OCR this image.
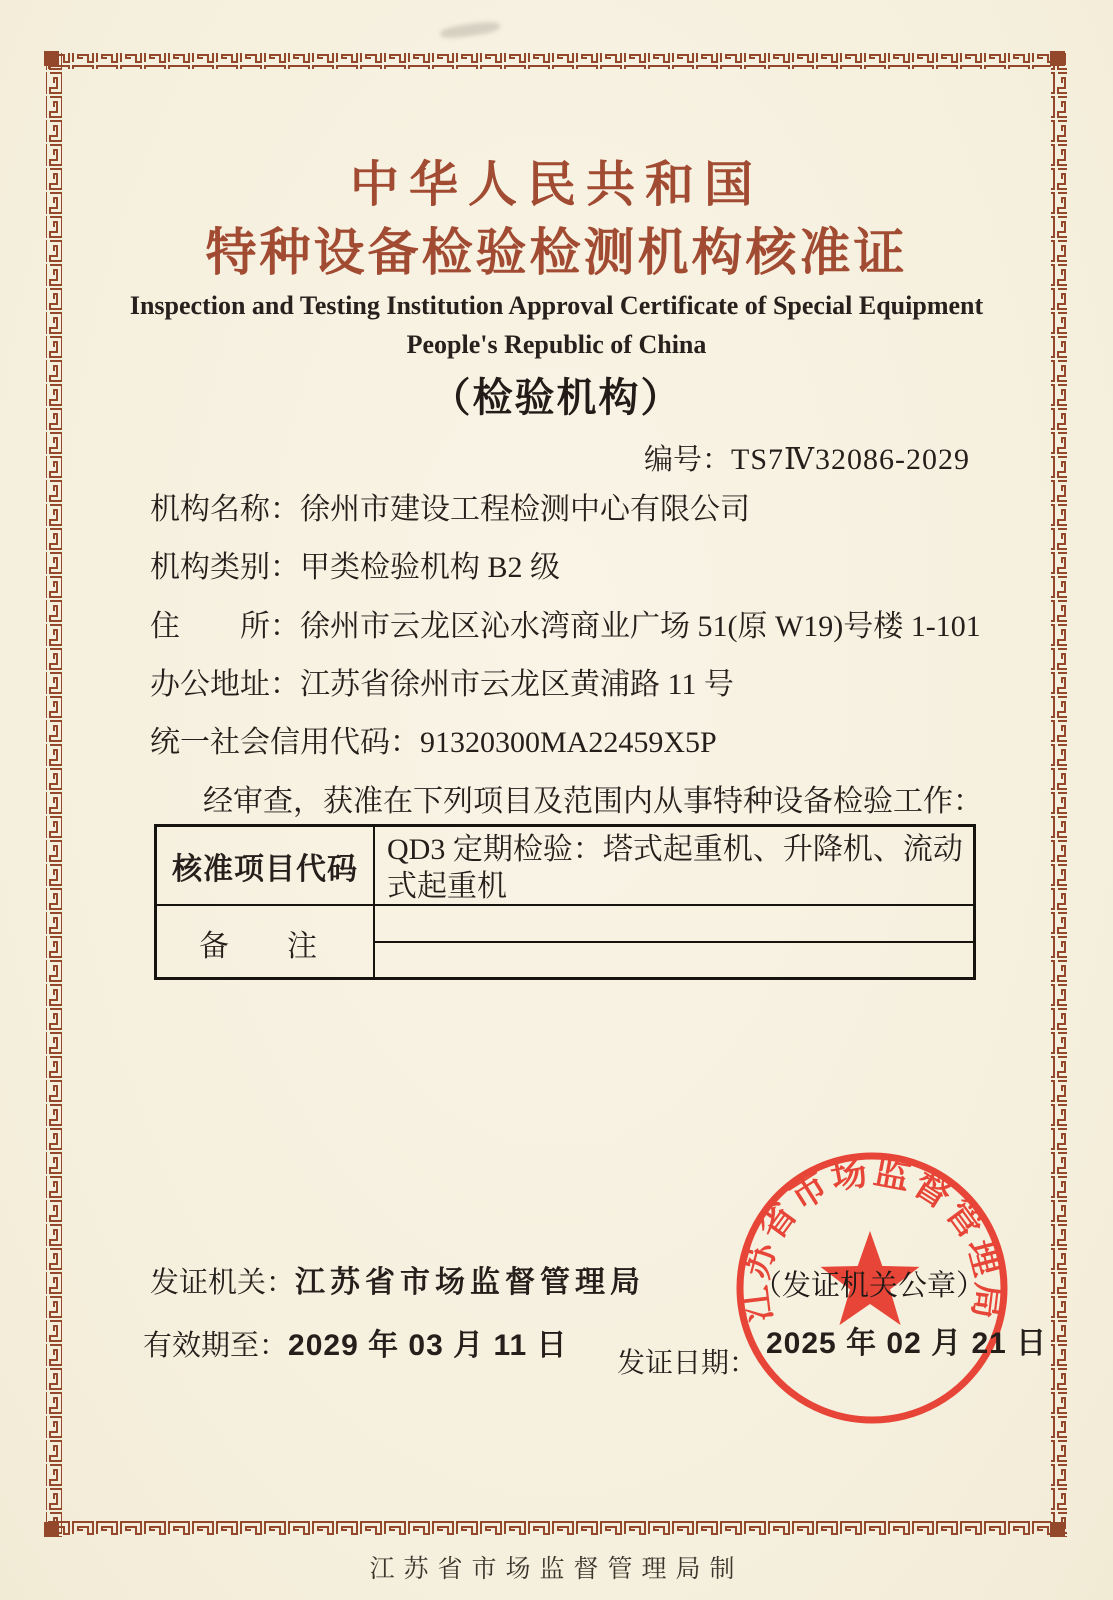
中华人民共和国
特种设备检验检测机构核准证
Inspection and Testing Institution Approval Certificate of Special Equipment
People's Republic of China
（检验机构）
编号：TS7Ⅳ32086-2029
机构名称：徐州市建设工程检测中心有限公司
机构类别：甲类检验机构 B2 级
住　　所：徐州市云龙区沁水湾商业广场 51(原 W19)号楼 1-101
办公地址：江苏省徐州市云龙区黄浦路 11 号
统一社会信用代码：91320300MA22459X5P
经审查，获准在下列项目及范围内从事特种设备检验工作：
核准项目代码
QD3 定期检验：塔式起重机、升降机、流动式起重机
备　注
发证机关：江苏省市场监督管理局
有效期至：2029 年 03 月 11 日
发证日期：
江苏省市场监督管理局
（发证机关公章）
2025 年 02 月 21 日
江苏省市场监督管理局制
